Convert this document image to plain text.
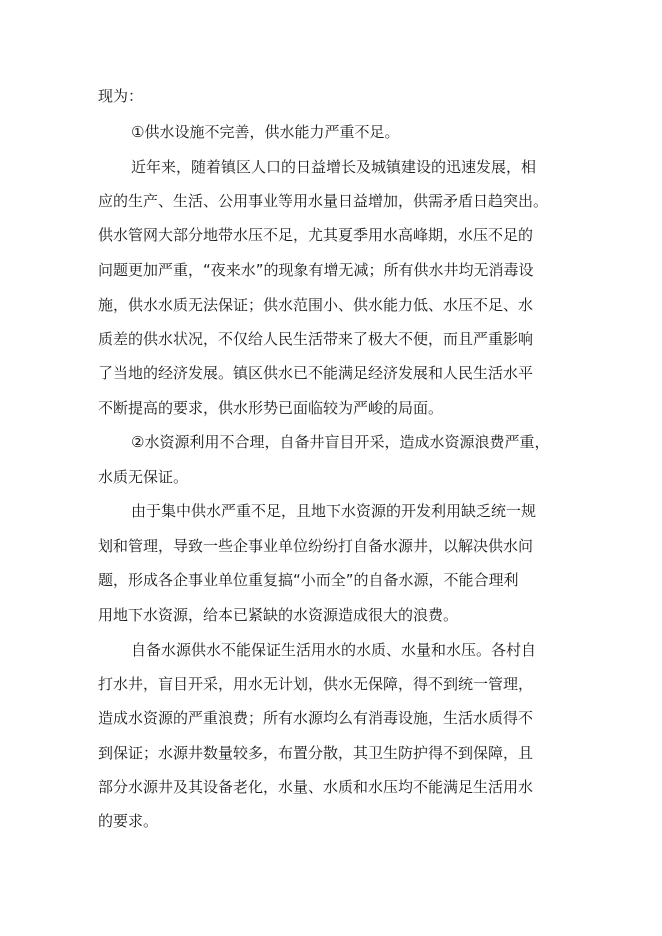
现为：

①供水设施不完善，供水能力严重不足。

近年来，随着镇区人口的日益增长及城镇建设的迅速发展，相

应的生产、生活、公用事业等用水量日益增加，供需矛盾日趋突出。

供水管网大部分地带水压不足，尤其夏季用水高峰期，水压不足的

问题更加严重，“夜来水”的现象有增无减；所有供水井均无消毒设

施，供水水质无法保证；供水范围小、供水能力低、水压不足、水

质差的供水状况，不仅给人民生活带来了极大不便，而且严重影响

了当地的经济发展。镇区供水已不能满足经济发展和人民生活水平

不断提高的要求，供水形势已面临较为严峻的局面。

②水资源利用不合理，自备井盲目开采，造成水资源浪费严重，

水质无保证。

由于集中供水严重不足，且地下水资源的开发利用缺乏统一规

划和管理，导致一些企事业单位纷纷打自备水源井，以解决供水问

题，形成各企事业单位重复搞“小而全”的自备水源，不能合理利

用地下水资源，给本已紧缺的水资源造成很大的浪费。

自备水源供水不能保证生活用水的水质、水量和水压。各村自

打水井，盲目开采，用水无计划，供水无保障，得不到统一管理，

造成水资源的严重浪费；所有水源均么有消毒设施，生活水质得不

到保证；水源井数量较多，布置分散，其卫生防护得不到保障，且

部分水源井及其设备老化，水量、水质和水压均不能满足生活用水

的要求。
